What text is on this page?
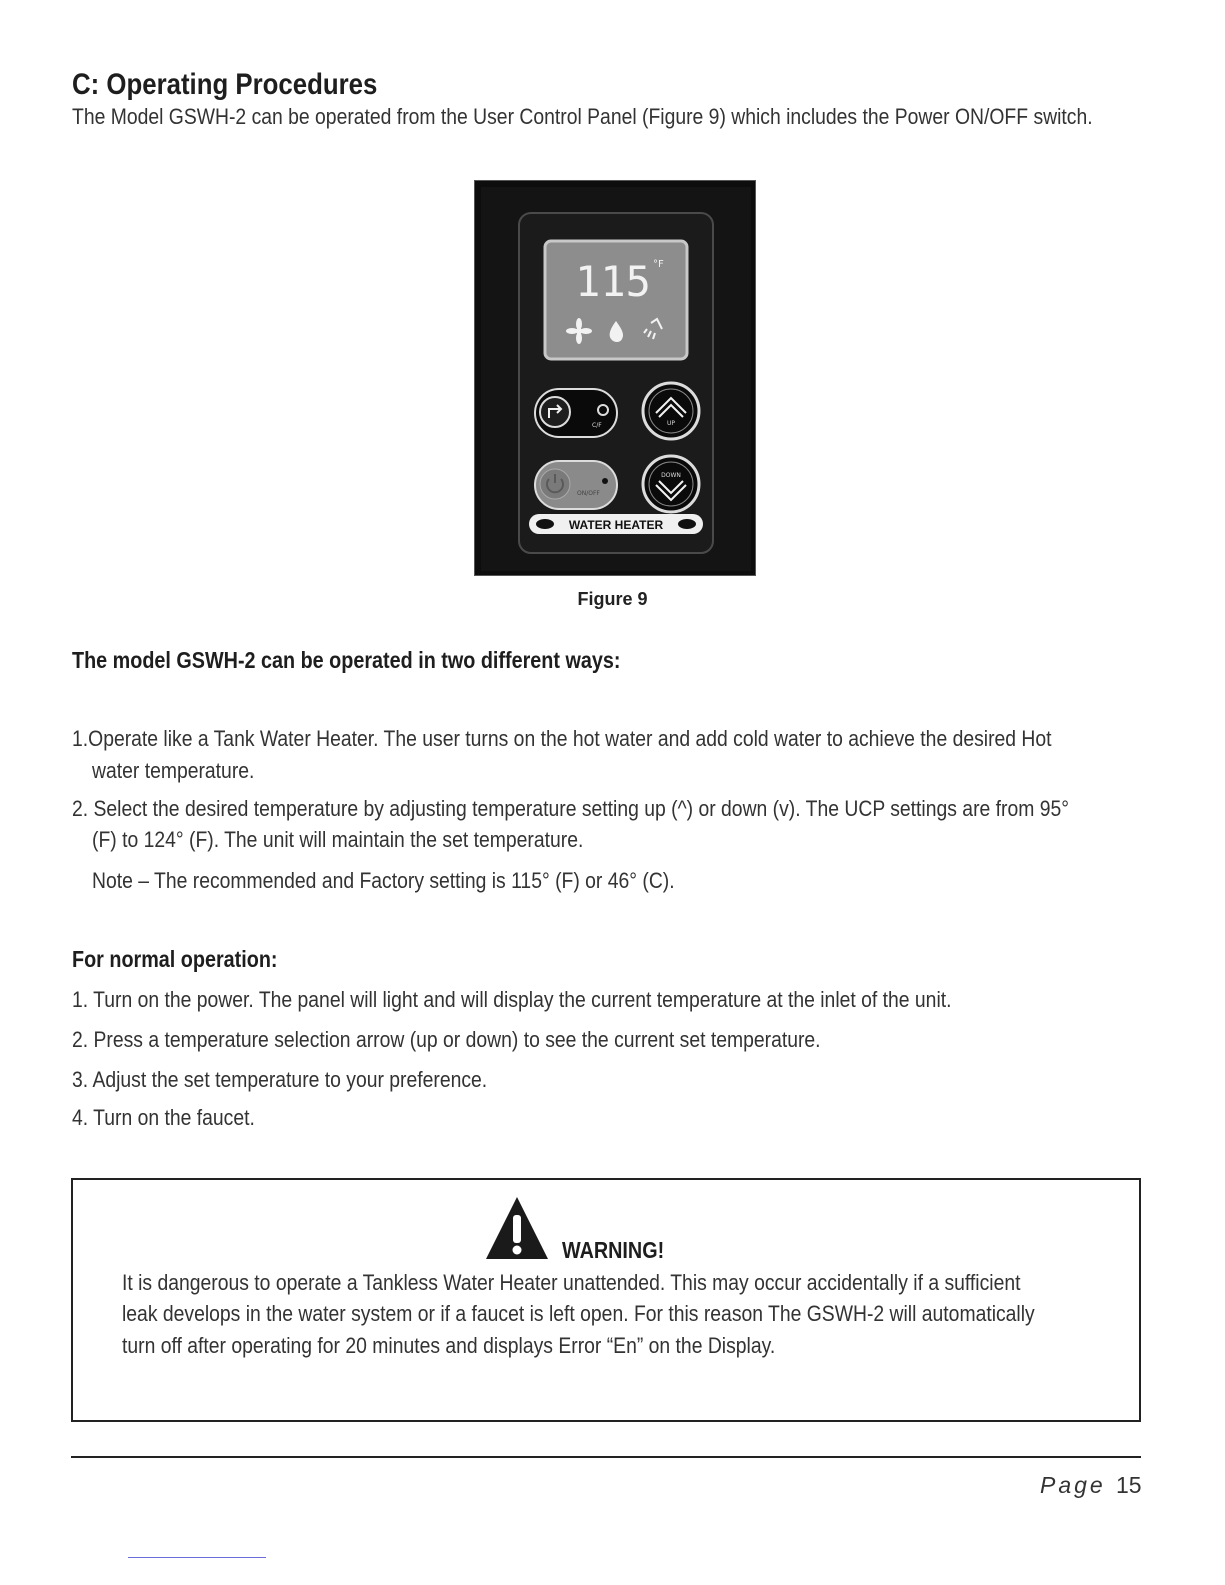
C: Operating Procedures
The Model GSWH-2 can be operated from the User Control Panel (Figure 9) which includes the Power ON/OFF switch.
115 °F
C/F	UP
ON/OFF
DOWN
WATER HEATER
Figure 9
The model GSWH-2 can be operated in two different ways:
1.Operate like a Tank Water Heater. The user turns on the hot water and add cold water to achieve the desired Hot
water temperature.
2. Select the desired temperature by adjusting temperature setting up (^) or down (v). The UCP settings are from 95°
(F) to 124° (F). The unit will maintain the set temperature.
Note – The recommended and Factory setting is 115° (F) or 46° (C).
For normal operation:
1. Turn on the power. The panel will light and will display the current temperature at the inlet of the unit.
2. Press a temperature selection arrow (up or down) to see the current set temperature.
3. Adjust the set temperature to your preference.
4. Turn on the faucet.
WARNING!
It is dangerous to operate a Tankless Water Heater unattended. This may occur accidentally if a sufficient
leak develops in the water system or if a faucet is left open. For this reason The GSWH-2 will automatically
turn off after operating for 20 minutes and displays Error “En” on the Display.
Page 15
